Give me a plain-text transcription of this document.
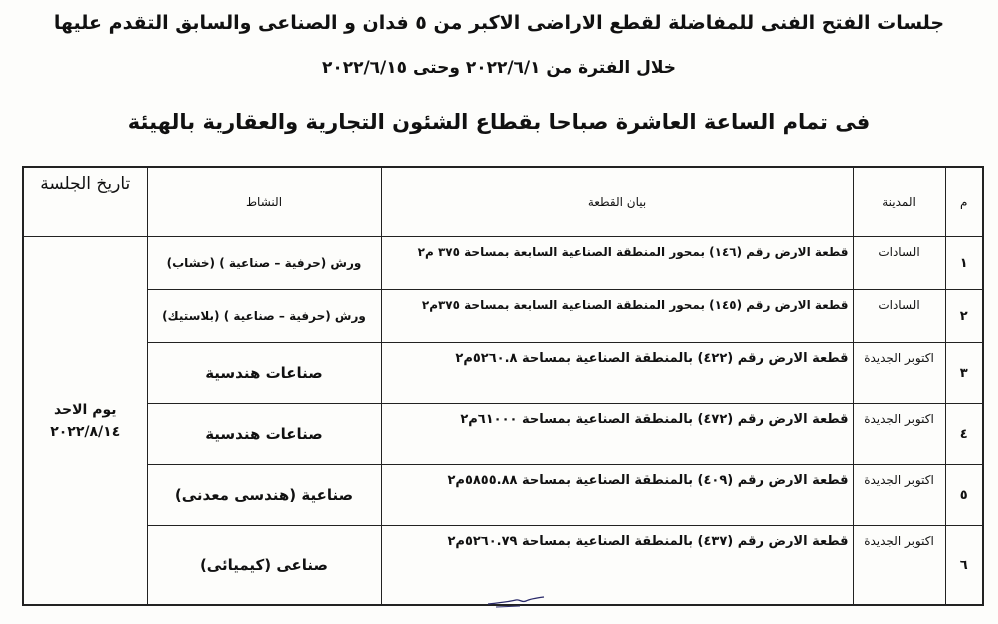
جلسات الفتح الفنى للمفاضلة لقطع الاراضى الاكبر من ٥ فدان و الصناعى والسابق التقدم عليها
خلال الفترة من ٢٠٢٢/٦/١ وحتى ٢٠٢٢/٦/١٥
فى تمام الساعة العاشرة صباحا بقطاع الشئون التجارية والعقارية بالهيئة
م	المدينة	بيان القطعة	النشاط	تاريخ الجلسة
١	السادات	قطعة الارض رقم (١٤٦) بمحور المنطقة الصناعية السابعة بمساحة ٣٧٥ م٢	ورش (حرفية – صناعية ) (خشاب)	يوم الاحد
٢٠٢٢/٨/١٤

٢	السادات	قطعة الارض رقم (١٤٥) بمحور المنطقة الصناعية السابعة بمساحة ٣٧٥م٢	ورش (حرفية – صناعية ) (بلاستيك)	
٣	اكتوبر الجديدة	قطعة الارض رقم (٤٢٢) بالمنطقة الصناعية بمساحة ٥٢٦٠.٨م٢	صناعات هندسية	
٤	اكتوبر الجديدة	قطعة الارض رقم (٤٧٢) بالمنطقة الصناعية بمساحة ٦١٠٠٠م٢	صناعات هندسية	
٥	اكتوبر الجديدة	قطعة الارض رقم (٤٠٩) بالمنطقة الصناعية بمساحة ٥٨٥٥.٨٨م٢	صناعية (هندسى معدنى)	
٦	اكتوبر الجديدة	قطعة الارض رقم (٤٣٧) بالمنطقة الصناعية بمساحة ٥٢٦٠.٧٩م٢	صناعى (كيميائى)	
